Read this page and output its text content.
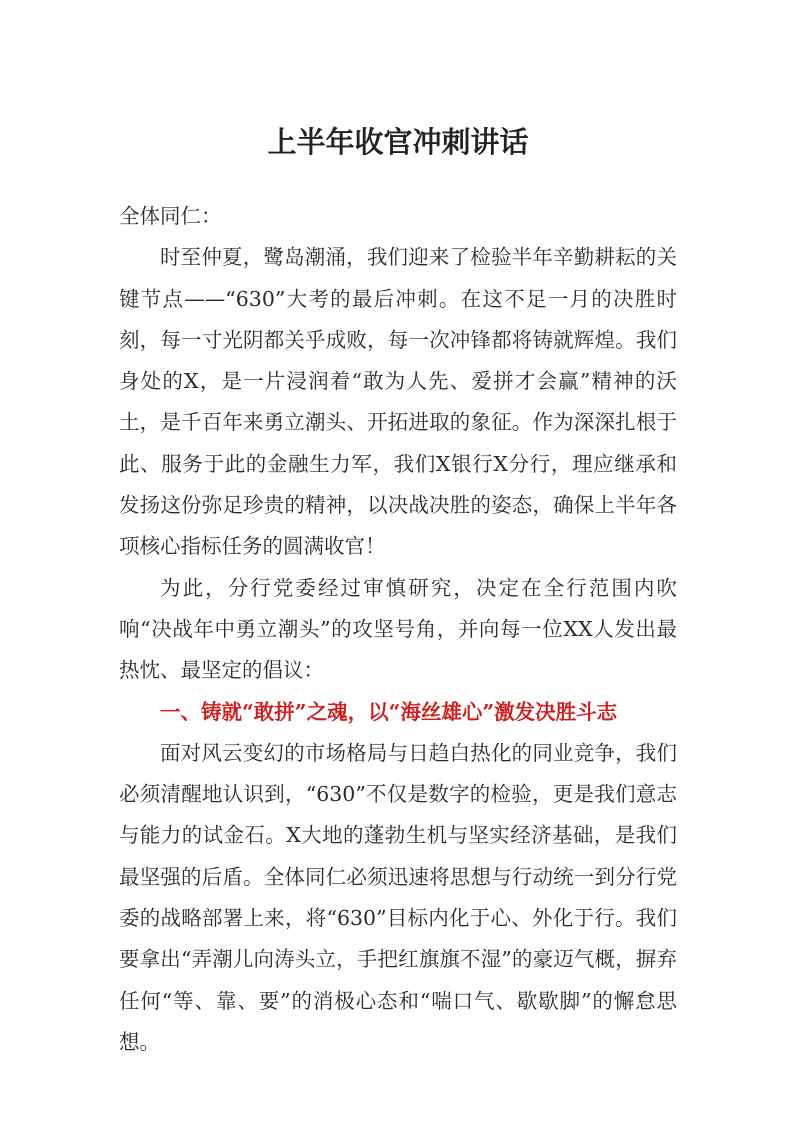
上半年收官冲刺讲话

全体同仁：

时至仲夏，鹭岛潮涌，我们迎来了检验半年辛勤耕耘的关键节点——“630”大考的最后冲刺。在这不足一月的决胜时刻，每一寸光阴都关乎成败，每一次冲锋都将铸就辉煌。我们身处的X，是一片浸润着“敢为人先、爱拼才会赢”精神的沃土，是千百年来勇立潮头、开拓进取的象征。作为深深扎根于此、服务于此的金融生力军，我们X银行X分行，理应继承和发扬这份弥足珍贵的精神，以决战决胜的姿态，确保上半年各项核心指标任务的圆满收官！

为此，分行党委经过审慎研究，决定在全行范围内吹响“决战年中勇立潮头”的攻坚号角，并向每一位XX人发出最热忱、最坚定的倡议：

一、铸就“敢拼”之魂，以“海丝雄心”激发决胜斗志

面对风云变幻的市场格局与日趋白热化的同业竞争，我们必须清醒地认识到，“630”不仅是数字的检验，更是我们意志与能力的试金石。X大地的蓬勃生机与坚实经济基础，是我们最坚强的后盾。全体同仁必须迅速将思想与行动统一到分行党委的战略部署上来，将“630”目标内化于心、外化于行。我们要拿出“弄潮儿向涛头立，手把红旗旗不湿”的豪迈气概，摒弃任何“等、靠、要”的消极心态和“喘口气、歇歇脚”的懈怠思想。
